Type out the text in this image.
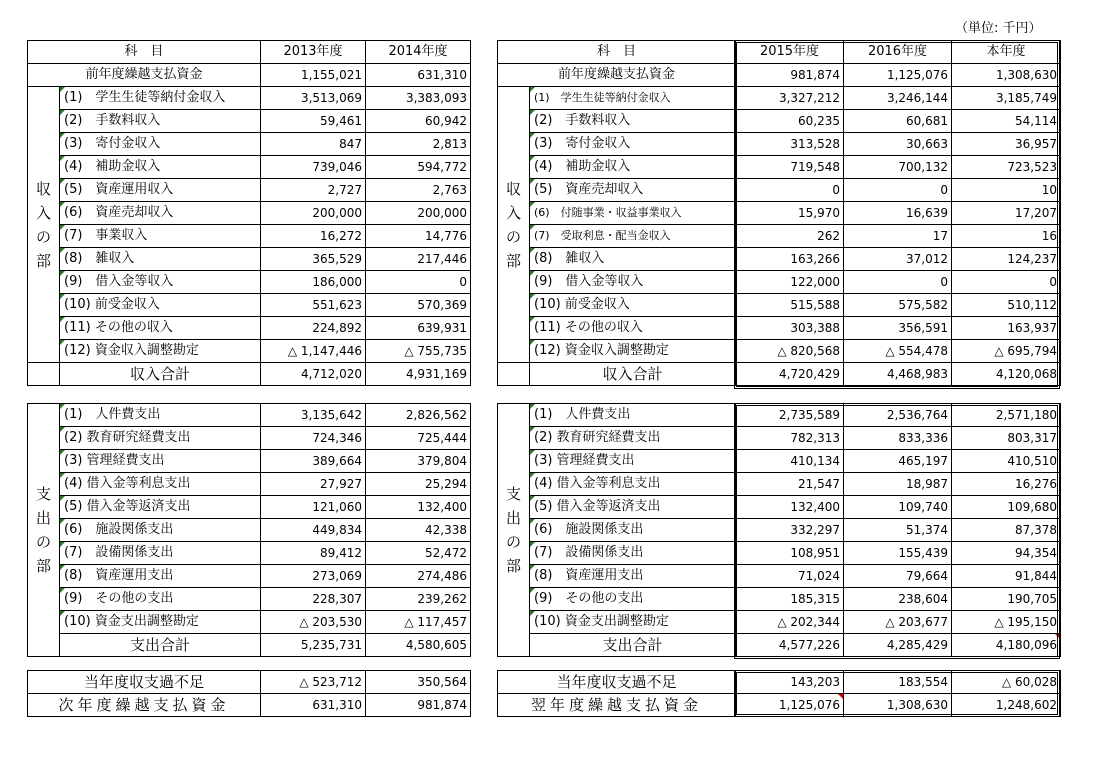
（単位: 千円）
科　目		2013年度	2014年度
前年度繰越支払資金		1,155,021	631,310

収
入
の
部	(1)　学生生徒等納付金収入	3,513,069	3,383,093

(2)　手数料収入	59,461	60,942

(3)　寄付金収入	847	2,813

(4)　補助金収入	739,046	594,772

(5)　資産運用収入	2,727	2,763

(6)　資産売却収入	200,000	200,000

(7)　事業収入	16,272	14,776

(8)　雑収入	365,529	217,446

(9)　借入金等収入	186,000	0

(10) 前受金収入	551,623	570,369

(11) その他の収入	224,892	639,931

(12) 資金収入調整勘定	△ 1,147,446	△ 755,735
	収入合計	4,712,020	4,931,169
支
出
の
部	(1)　人件費支出	3,135,642	2,826,562

(2) 教育研究経費支出	724,346	725,444

(3) 管理経費支出	389,664	379,804

(4) 借入金等利息支出	27,927	25,294

(5) 借入金等返済支出	121,060	132,400

(6)　施設関係支出	449,834	42,338

(7)　設備関係支出	89,412	52,472

(8)　資産運用支出	273,069	274,486

(9)　その他の支出	228,307	239,262

(10) 資金支出調整勘定	△ 203,530	△ 117,457
	支出合計	5,235,731	4,580,605
当年度収支過不足	△ 523,712	350,564
次年度繰越支払資金	631,310	981,874
科　目		2015年度	2016年度	本年度
前年度繰越支払資金		981,874	1,125,076	1,308,630

収
入
の
部	(1)　学生生徒等納付金収入	3,327,212	3,246,144	3,185,749

(2)　手数料収入	60,235	60,681	54,114

(3)　寄付金収入	313,528	30,663	36,957

(4)　補助金収入	719,548	700,132	723,523

(5)　資産売却収入	0	0	10

(6)　付随事業・収益事業収入	15,970	16,639	17,207

(7)　受取利息・配当金収入	262	17	16

(8)　雑収入	163,266	37,012	124,237

(9)　借入金等収入	122,000	0	0

(10) 前受金収入	515,588	575,582	510,112

(11) その他の収入	303,388	356,591	163,937

(12) 資金収入調整勘定	△ 820,568	△ 554,478	△ 695,794
	収入合計	4,720,429	4,468,983	4,120,068
支
出
の
部	(1)　人件費支出	2,735,589	2,536,764	2,571,180

(2) 教育研究経費支出	782,313	833,336	803,317

(3) 管理経費支出	410,134	465,197	410,510

(4) 借入金等利息支出	21,547	18,987	16,276

(5) 借入金等返済支出	132,400	109,740	109,680

(6)　施設関係支出	332,297	51,374	87,378

(7)　設備関係支出	108,951	155,439	94,354

(8)　資産運用支出	71,024	79,664	91,844

(9)　その他の支出	185,315	238,604	190,705

(10) 資金支出調整勘定	△ 202,344	△ 203,677	△ 195,150
	支出合計	4,577,226	4,285,429	4,180,096
当年度収支過不足	143,203	183,554	△ 60,028
翌年度繰越支払資金	1,125,076	1,308,630	1,248,602
